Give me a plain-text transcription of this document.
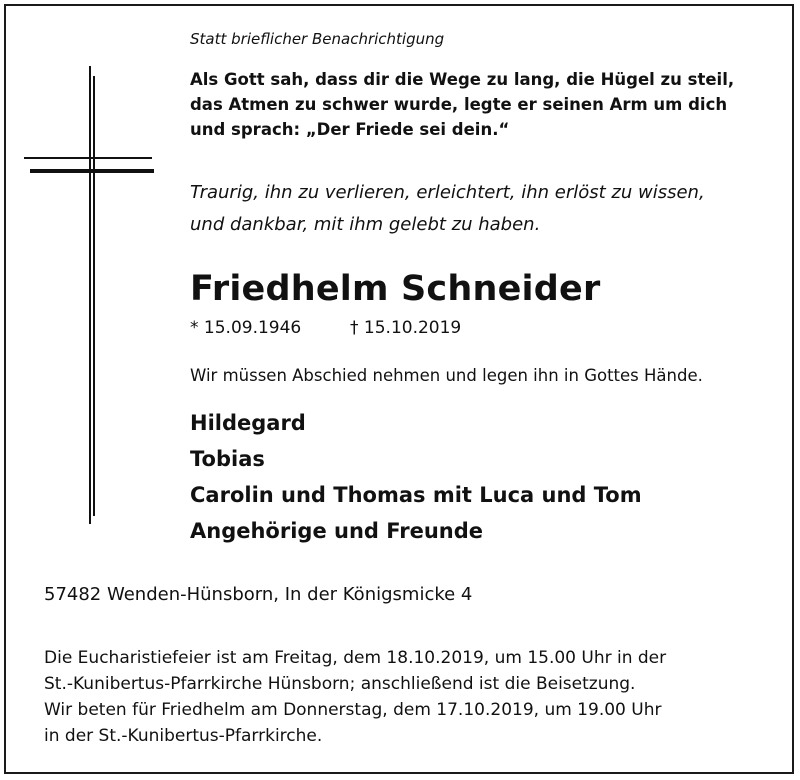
Statt brieflicher Benachrichtigung
Als Gott sah, dass dir die Wege zu lang, die Hügel zu steil,
das Atmen zu schwer wurde, legte er seinen Arm um dich
und sprach: „Der Friede sei dein.“
Traurig, ihn zu verlieren, erleichtert, ihn erlöst zu wissen,
und dankbar, mit ihm gelebt zu haben.
Friedhelm Schneider
* 15.09.1946	† 15.10.2019
Wir müssen Abschied nehmen und legen ihn in Gottes Hände.
Hildegard
Tobias
Carolin und Thomas mit Luca und Tom
Angehörige und Freunde
57482 Wenden-Hünsborn, In der Königsmicke 4
Die Eucharistiefeier ist am Freitag, dem 18.10.2019, um 15.00 Uhr in der
St.-Kunibertus-Pfarrkirche Hünsborn; anschließend ist die Beisetzung.
Wir beten für Friedhelm am Donnerstag, dem 17.10.2019, um 19.00 Uhr
in der St.-Kunibertus-Pfarrkirche.
